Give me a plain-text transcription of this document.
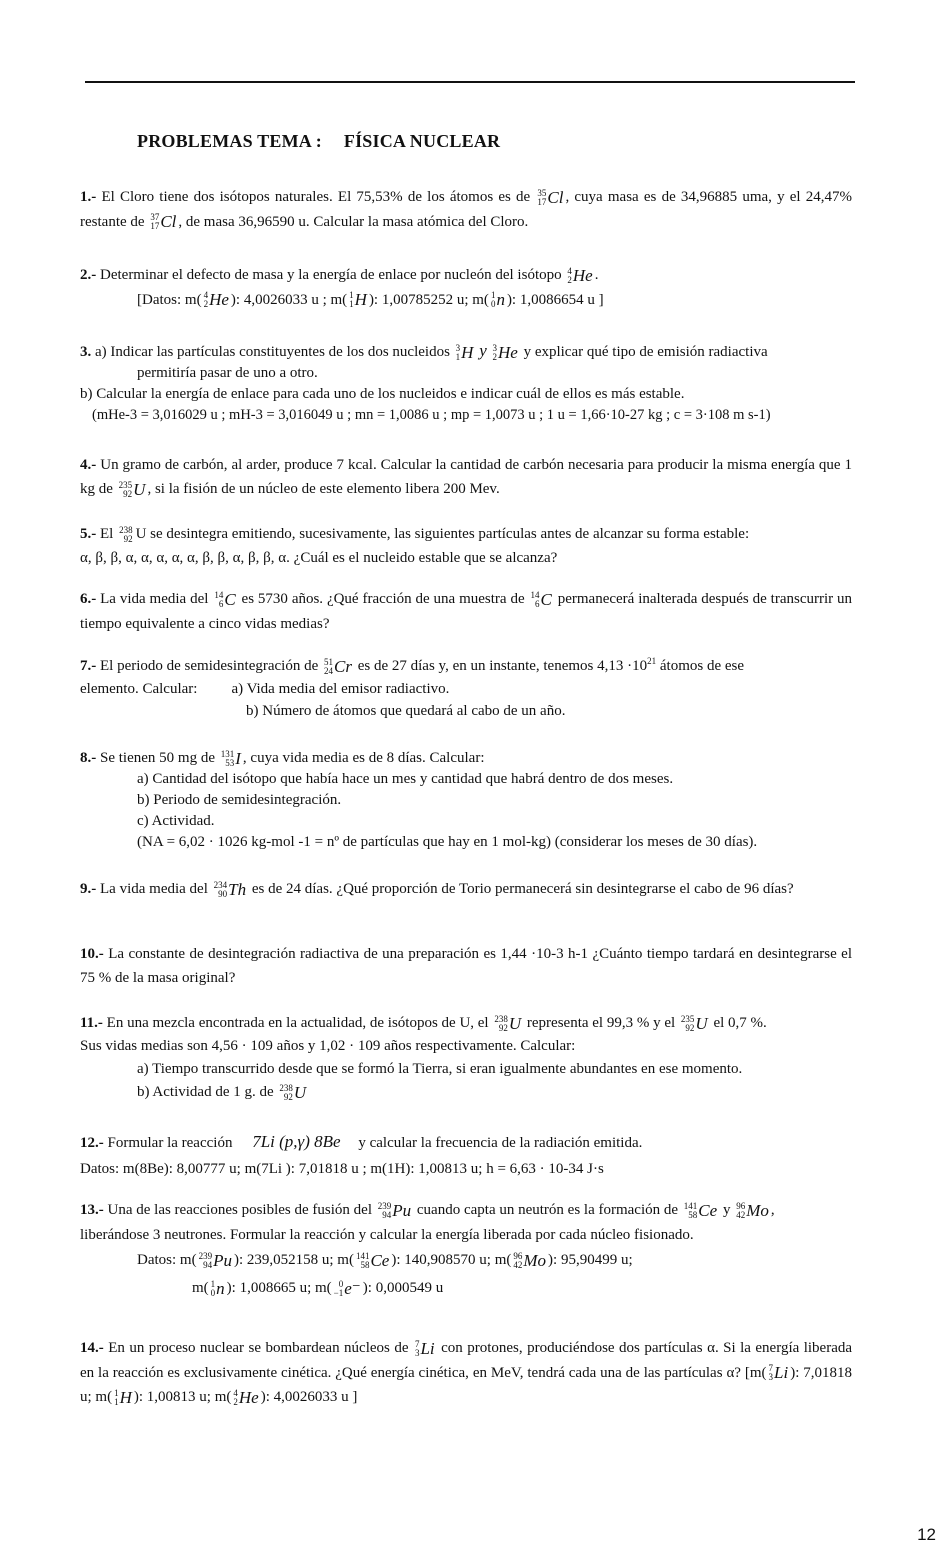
PROBLEMAS TEMA : FÍSICA NUCLEAR
1.- El Cloro tiene dos isótopos naturales. El 75,53% de los átomos es de 35
17 Cl , cuya masa es de 34,96885 uma, y el 24,47% restante de 37
17 Cl , de masa 36,96590 u. Calcular la masa atómica del Cloro.
2.- Determinar el defecto de masa y la energía de enlace por nucleón del isótopo 4
2 He .
[Datos: m( 4
2 He ): 4,0026033 u ; m( 1
1 H ): 1,00785252 u; m( 1
0 n ): 1,0086654 u ]
3. a) Indicar las partículas constituyentes de los dos nucleidos 3
1 H y 3
2 He y explicar qué tipo de emisión radiactiva
permitiría pasar de uno a otro.
b) Calcular la energía de enlace para cada uno de los nucleidos e indicar cuál de ellos es más estable.
(mHe-3 = 3,016029 u ; mH-3 = 3,016049 u ; mn = 1,0086 u ; mp = 1,0073 u ; 1 u = 1,66·10-27 kg ; c = 3·108 m s-1)
4.- Un gramo de carbón, al arder, produce 7 kcal. Calcular la cantidad de carbón necesaria para producir la misma energía que 1 kg de 235
92 U , si la fisión de un núcleo de este elemento libera 200 Mev.
5.- El 238
92 U se desintegra emitiendo, sucesivamente, las siguientes partículas antes de alcanzar su forma estable:
α, β, β, α, α, α, α, α, β, β, α, β, β, α. ¿Cuál es el nucleido estable que se alcanza?
6.- La vida media del 14
6 C es 5730 años. ¿Qué fracción de una muestra de 14
6 C permanecerá inalterada después de transcurrir un tiempo equivalente a cinco vidas medias?
7.- El periodo de semidesintegración de 51
24 Cr es de 27 días y, en un instante, tenemos $4,13 \cdot 10^{21}$ átomos de ese
elemento. Calcular: a) Vida media del emisor radiactivo.
b) Número de átomos que quedará al cabo de un año.
8.- Se tienen 50 mg de 131
53 I , cuya vida media es de 8 días. Calcular:
a) Cantidad del isótopo que había hace un mes y cantidad que habrá dentro de dos meses.
b) Periodo de semidesintegración.
c) Actividad.
(NA = 6,02 · 1026 kg-mol -1 = nº de partículas que hay en 1 mol-kg) (considerar los meses de 30 días).
9.- La vida media del 234
90 Th es de 24 días. ¿Qué proporción de Torio permanecerá sin desintegrarse el cabo de 96 días?
10.- La constante de desintegración radiactiva de una preparación es 1,44 ·10-3 h-1 ¿Cuánto tiempo tardará en desintegrarse el 75 % de la masa original?
11.- En una mezcla encontrada en la actualidad, de isótopos de U, el 238
92 U representa el 99,3 % y el 235
92 U el 0,7 %.
Sus vidas medias son 4,56 · 109 años y 1,02 · 109 años respectivamente. Calcular:
a) Tiempo transcurrido desde que se formó la Tierra, si eran igualmente abundantes en ese momento.
b) Actividad de 1 g. de 238
92 U
12.- Formular la reacción 7Li (p,γ) 8Be y calcular la frecuencia de la radiación emitida.
Datos: m(8Be): 8,00777 u; m(7Li ): 7,01818 u ; m(1H): 1,00813 u; h = 6,63 · 10-34 J·s
13.- Una de las reacciones posibles de fusión del 239
94 Pu cuando capta un neutrón es la formación de 141
58 Ce y 96
42 Mo ,
liberándose 3 neutrones. Formular la reacción y calcular la energía liberada por cada núcleo fisionado.
Datos: m( 239
94 Pu ): 239,052158 u; m( 141
58 Ce ): 140,908570 u; m( 96
42 Mo ): 95,90499 u;
m( 1
0 n ): 1,008665 u; m( 0
−1 e⁻ ): 0,000549 u
14.- En un proceso nuclear se bombardean núcleos de 7
3 Li con protones, produciéndose dos partículas α. Si la energía liberada en la reacción es exclusivamente cinética. ¿Qué energía cinética, en MeV, tendrá cada una de las partículas α? [m( 7
3 Li ): 7,01818 u; m( 1
1 H ): 1,00813 u; m( 4
2 He ): 4,0026033 u ]
12
